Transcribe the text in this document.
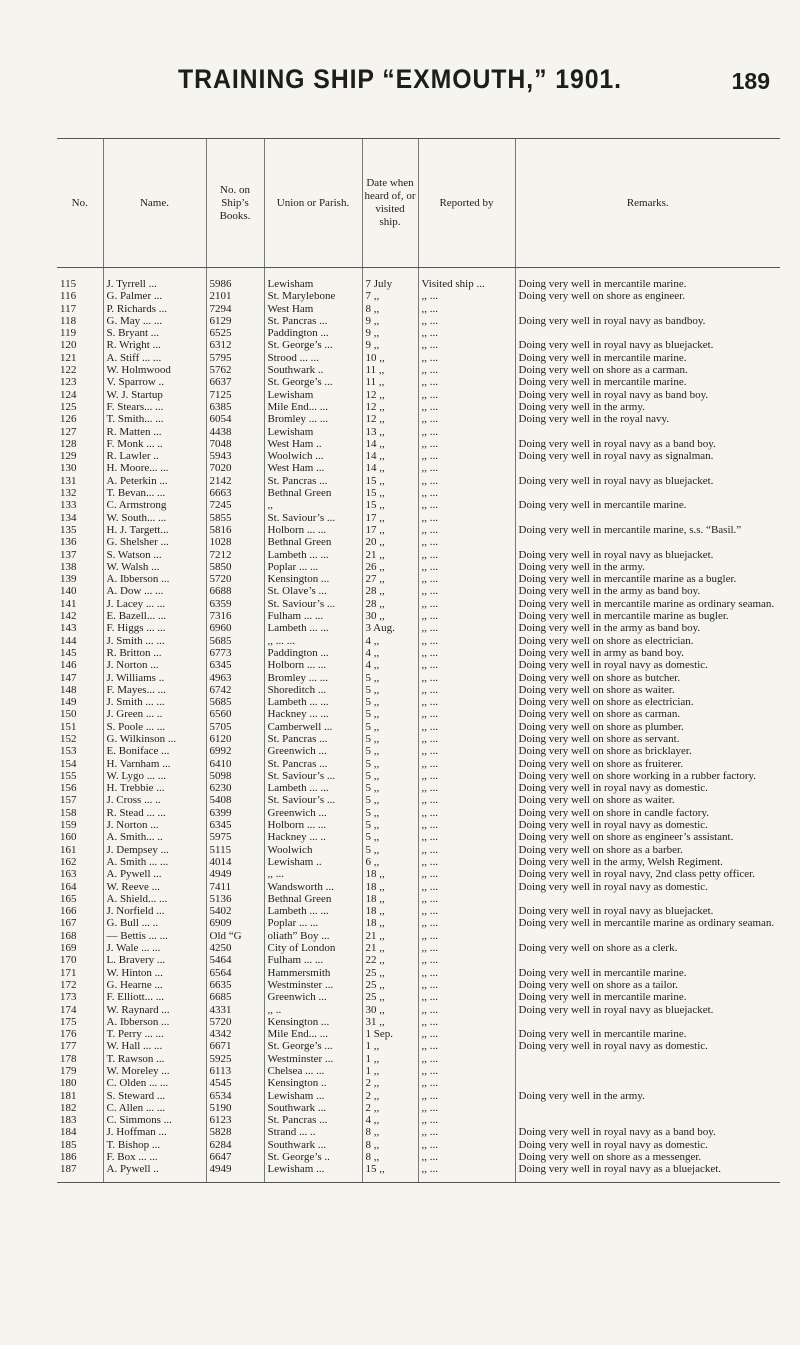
TRAINING SHIP “EXMOUTH,” 1901.	189
No.	Name.	No. on Ship’s Books.	Union or Parish.	Date when heard of, or visited ship.	Reported by	Remarks.

115	J. Tyrrell ...	5986	Lewisham	7 July	Visited ship ...	Doing very well in mercantile marine.
116	G. Palmer ...	2101	St. Marylebone	7 ,,	,, ...	Doing very well on shore as engineer.
117	P. Richards ...	7294	West Ham	8 ,,	,, ...	
118	G. May ... ...	6129	St. Pancras ...	9 ,,	,, ...	Doing very well in royal navy as bandboy.
119	S. Bryant ...	6525	Paddington ...	9 ,,	,, ...	
120	R. Wright ...	6312	St. George’s ...	9 ,,	,, ...	Doing very well in royal navy as bluejacket.
121	A. Stiff ... ...	5795	Strood ... ...	10 ,,	,, ...	Doing very well in mercantile marine.
122	W. Holmwood	5762	Southwark ..	11 ,,	,, ...	Doing very well on shore as a carman.
123	V. Sparrow ..	6637	St. George’s ...	11 ,,	,, ...	Doing very well in mercantile marine.
124	W. J. Startup	7125	Lewisham	12 ,,	,, ...	Doing very well in royal navy as band boy.
125	F. Stears... ...	6385	Mile End... ...	12 ,,	,, ...	Doing very well in the army.
126	T. Smith... ...	6054	Bromley ... ...	12 ,,	,, ...	Doing very well in the royal navy.
127	R. Matten ...	4438	Lewisham	13 ,,	,, ...	
128	F. Monk ... ..	7048	West Ham ..	14 ,,	,, ...	Doing very well in royal navy as a band boy.
129	R. Lawler ..	5943	Woolwich ...	14 ,,	,, ...	Doing very well in royal navy as signalman.
130	H. Moore... ...	7020	West Ham ...	14 ,,	,, ...	
131	A. Peterkin ...	2142	St. Pancras ...	15 ,,	,, ...	Doing very well in royal navy as bluejacket.
132	T. Bevan... ...	6663	Bethnal Green	15 ,,	,, ...	
133	C. Armstrong	7245	,,	15 ,,	,, ...	Doing very well in mercantile marine.
134	W. South... ...	5855	St. Saviour’s ...	17 ,,	,, ...	
135	H. J. Targett...	5816	Holborn ... ...	17 ,,	,, ...	Doing very well in mercantile marine, s.s. “Basil.”
136	G. Shelsher ...	1028	Bethnal Green	20 ,,	,, ...	
137	S. Watson ...	7212	Lambeth ... ...	21 ,,	,, ...	Doing very well in royal navy as bluejacket.
138	W. Walsh ...	5850	Poplar ... ...	26 ,,	,, ...	Doing very well in the army.
139	A. Ibberson ...	5720	Kensington ...	27 ,,	,, ...	Doing very well in mercantile marine as a bugler.
140	A. Dow ... ...	6688	St. Olave’s ...	28 ,,	,, ...	Doing very well in the army as band boy.
141	J. Lacey ... ...	6359	St. Saviour’s ...	28 ,,	,, ...	Doing very well in mercantile marine as ordinary seaman.
142	E. Bazell... ...	7316	Fulham ... ...	30 ,,	,, ...	Doing very well in mercantile marine as bugler.
143	F. Higgs ... ...	6960	Lambeth ... ...	3 Aug.	,, ...	Doing very well in the army as band boy.
144	J. Smith ... ...	5685	,, ... ...	4 ,,	,, ...	Doing very well on shore as electrician.
145	R. Britton ...	6773	Paddington ...	4 ,,	,, ...	Doing very well in army as band boy.
146	J. Norton ...	6345	Holborn ... ...	4 ,,	,, ...	Doing very well in royal navy as domestic.
147	J. Williams ..	4963	Bromley ... ...	5 ,,	,, ...	Doing very well on shore as butcher.
148	F. Mayes... ...	6742	Shoreditch ...	5 ,,	,, ...	Doing very well on shore as waiter.
149	J. Smith ... ...	5685	Lambeth ... ...	5 ,,	,, ...	Doing very well on shore as electrician.
150	J. Green ... ..	6560	Hackney ... ...	5 ,,	,, ...	Doing very well on shore as carman.
151	S. Poole ... ...	5705	Camberwell ...	5 ,,	,, ...	Doing very well on shore as plumber.
152	G. Wilkinson ...	6120	St. Pancras ...	5 ,,	,, ...	Doing very well on shore as servant.
153	E. Boniface ...	6992	Greenwich ...	5 ,,	,, ...	Doing very well on shore as bricklayer.
154	H. Varnham ...	6410	St. Pancras ...	5 ,,	,, ...	Doing very well on shore as fruiterer.
155	W. Lygo ... ...	5098	St. Saviour’s ...	5 ,,	,, ...	Doing very well on shore working in a rubber factory.
156	H. Trebbie ...	6230	Lambeth ... ...	5 ,,	,, ...	Doing very well in royal navy as domestic.
157	J. Cross ... ..	5408	St. Saviour’s ...	5 ,,	,, ...	Doing very well on shore as waiter.
158	R. Stead ... ...	6399	Greenwich ...	5 ,,	,, ...	Doing very well on shore in candle factory.
159	J. Norton ...	6345	Holborn ... ...	5 ,,	,, ...	Doing very well in royal navy as domestic.
160	A. Smith... ..	5975	Hackney ... ..	5 ,,	,, ...	Doing very well on shore as engineer’s assistant.
161	J. Dempsey ...	5115	Woolwich	5 ,,	,, ...	Doing very well on shore as a barber.
162	A. Smith ... ...	4014	Lewisham ..	6 ,,	,, ...	Doing very well in the army, Welsh Regiment.
163	A. Pywell ...	4949	,, ...	18 ,,	,, ...	Doing very well in royal navy, 2nd class petty officer.
164	W. Reeve ...	7411	Wandsworth ...	18 ,,	,, ...	Doing very well in royal navy as domestic.
165	A. Shield... ...	5136	Bethnal Green	18 ,,	,, ...	
166	J. Norfield ...	5402	Lambeth ... ...	18 ,,	,, ...	Doing very well in royal navy as bluejacket.
167	G. Bull ... ..	6909	Poplar ... ...	18 ,,	,, ...	Doing very well in mercantile marine as ordinary seaman.
168	— Bettis ... ...	Old “G	oliath” Boy ...	21 ,,	,, ...	
169	J. Wale ... ...	4250	City of London	21 ,,	,, ...	Doing very well on shore as a clerk.
170	L. Bravery ...	5464	Fulham ... ...	22 ,,	,, ...	
171	W. Hinton ...	6564	Hammersmith	25 ,,	,, ...	Doing very well in mercantile marine.
172	G. Hearne ...	6635	Westminster ...	25 ,,	,, ...	Doing very well on shore as a tailor.
173	F. Elliott... ...	6685	Greenwich ...	25 ,,	,, ...	Doing very well in mercantile marine.
174	W. Raynard ...	4331	,, ..	30 ,,	,, ...	Doing very well in royal navy as bluejacket.
175	A. Ibberson ...	5720	Kensington ...	31 ,,	,, ...	
176	T. Perry ... ...	4342	Mile End... ...	1 Sep.	,, ...	Doing very well in mercantile marine.
177	W. Hall ... ...	6671	St. George’s ...	1 ,,	,, ...	Doing very well in royal navy as domestic.
178	T. Rawson ...	5925	Westminster ...	1 ,,	,, ...	
179	W. Moreley ...	6113	Chelsea ... ...	1 ,,	,, ...	
180	C. Olden ... ...	4545	Kensington ..	2 ,,	,, ...	
181	S. Steward ...	6534	Lewisham ...	2 ,,	,, ...	Doing very well in the army.
182	C. Allen ... ...	5190	Southwark ...	2 ,,	,, ...	
183	C. Simmons ...	6123	St. Pancras ...	4 ,,	,, ...	
184	J. Hoffman ...	5828	Strand ... ..	8 ,,	,, ...	Doing very well in royal navy as a band boy.
185	T. Bishop ...	6284	Southwark ...	8 ,,	,, ...	Doing very well in royal navy as domestic.
186	F. Box ... ...	6647	St. George’s ..	8 ,,	,, ...	Doing very well on shore as a messenger.
187	A. Pywell ..	4949	Lewisham ...	15 ,,	,, ...	Doing very well in royal navy as a bluejacket.
